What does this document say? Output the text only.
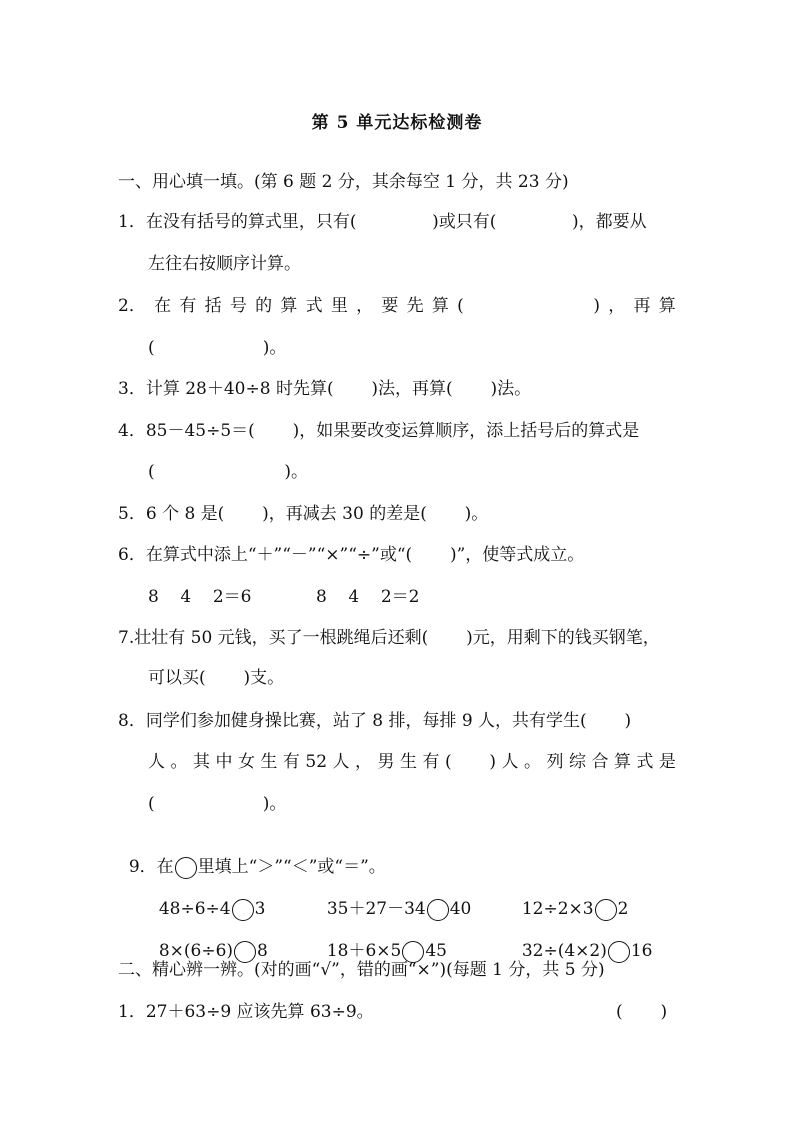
第 5 单元达标检测卷
一、用心填一填。(第 6 题 2 分，其余每空 1 分，共 23 分)
1．在没有括号的算式里，只有(              )或只有(              )，都要从
左往右按顺序计算。
2． 在 有 括 号 的 算 式 里 ， 要 先 算 (                        ) ， 再 算
(                    )。
3．计算 28＋40÷8 时先算(       )法，再算(       )法。
4．85－45÷5＝(       )，如果要改变运算顺序，添上括号后的算式是
(                        )。
5．6 个 8 是(       )，再减去 30 的差是(       )。
6．在算式中添上“＋”“－”“×”“÷”或“(       )”，使等式成立。
8    4    2＝6	8    4    2＝2
7.壮壮有 50 元钱，买了一根跳绳后还剩(       )元，用剩下的钱买钢笔，
可以买(       )支。
8．同学们参加健身操比赛，站了 8 排，每排 9 人，共有学生(       )
人 。 其 中 女 生 有 52 人 ， 男 生 有 (       ) 人 。 列 综 合 算 式 是
(                    )。

9．在 里填上“＞”“＜”或“＝”。

48÷6÷4 3	35＋27－34 40	12÷2×3 2

8×(6÷6) 8	18＋6×5 45	32÷(4×2) 16

二、精心辨一辨。(对的画“√”，错的画“×”)(每题 1 分，共 5 分)
1．27＋63÷9 应该先算 63÷9。	(       )
